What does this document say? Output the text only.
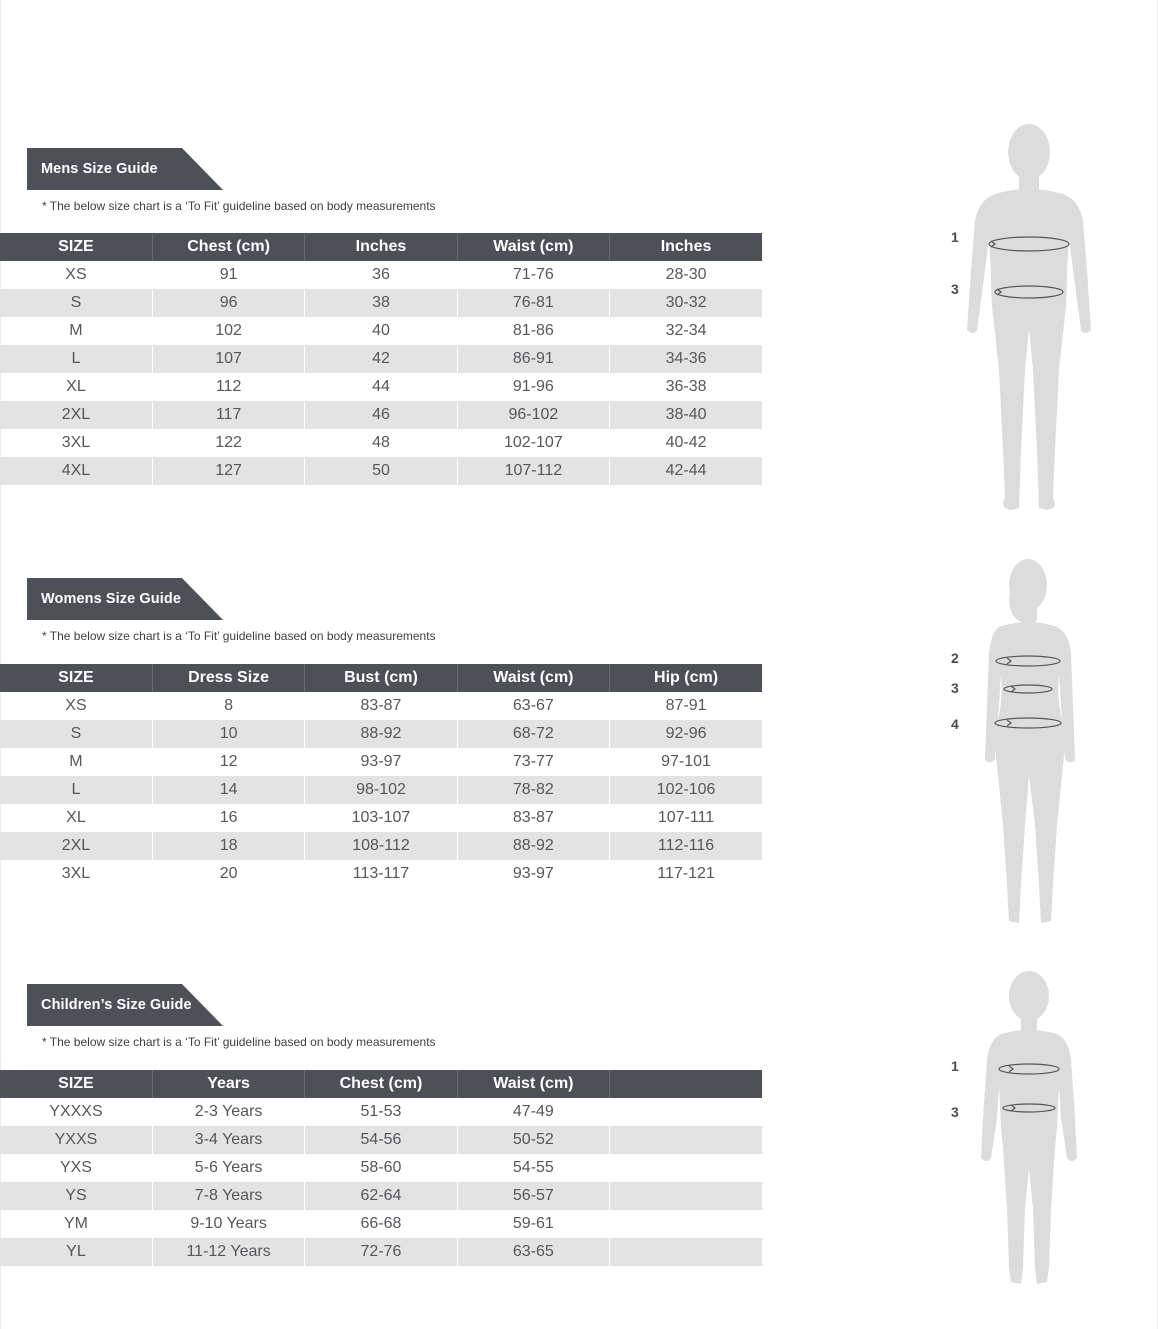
Mens Size Guide
* The below size chart is a ‘To Fit’ guideline based on body measurements
SIZE	Chest (cm)	Inches	Waist (cm)	Inches
XS	91	36	71-76	28-30
S	96	38	76-81	30-32
M	102	40	81-86	32-34
L	107	42	86-91	34-36
XL	112	44	91-96	36-38
2XL	117	46	96-102	38-40
3XL	122	48	102-107	40-42
4XL	127	50	107-112	42-44
Womens Size Guide
* The below size chart is a ‘To Fit’ guideline based on body measurements
SIZE	Dress Size	Bust (cm)	Waist (cm)	Hip (cm)
XS	8	83-87	63-67	87-91
S	10	88-92	68-72	92-96
M	12	93-97	73-77	97-101
L	14	98-102	78-82	102-106
XL	16	103-107	83-87	107-111
2XL	18	108-112	88-92	112-116
3XL	20	113-117	93-97	117-121
Children’s Size Guide
* The below size chart is a ‘To Fit’ guideline based on body measurements
SIZE	Years	Chest (cm)	Waist (cm)	
YXXXS	2-3 Years	51-53	47-49	
YXXS	3-4 Years	54-56	50-52	
YXS	5-6 Years	58-60	54-55	
YS	7-8 Years	62-64	56-57	
YM	9-10 Years	66-68	59-61	
YL	11-12 Years	72-76	63-65	
1
3
2
3
4
1
3
